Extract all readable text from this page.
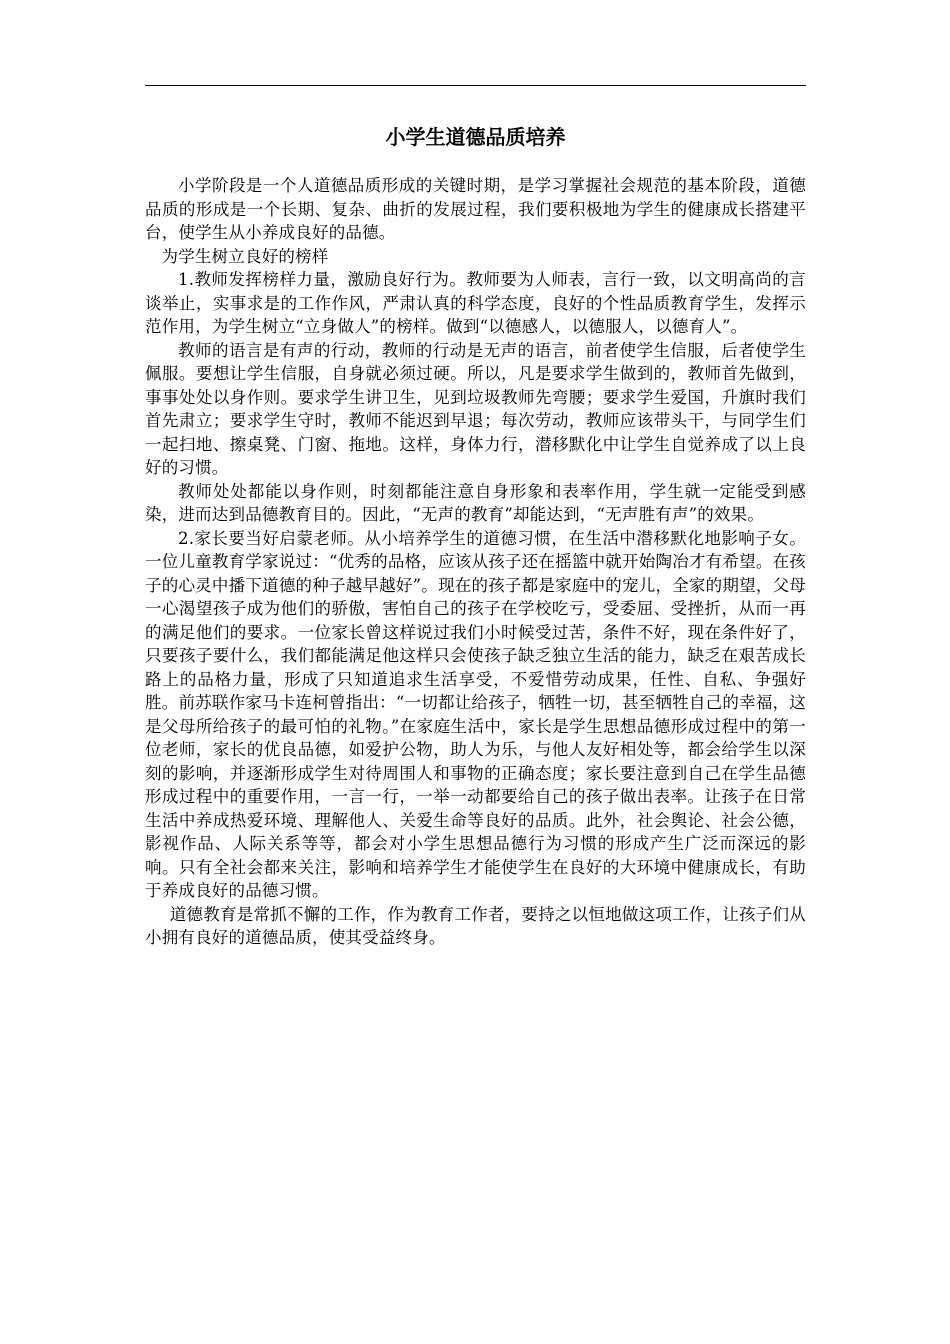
小学生道德品质培养

小学阶段是一个人道德品质形成的关键时期，是学习掌握社会规范的基本阶段，道德品质的形成是一个长期、复杂、曲折的发展过程，我们要积极地为学生的健康成长搭建平台，使学生从小养成良好的品德。

为学生树立良好的榜样

1.教师发挥榜样力量，激励良好行为。教师要为人师表，言行一致，以文明高尚的言谈举止，实事求是的工作作风，严肃认真的科学态度，良好的个性品质教育学生，发挥示范作用，为学生树立“立身做人”的榜样。做到“以德感人，以德服人，以德育人”。

教师的语言是有声的行动，教师的行动是无声的语言，前者使学生信服，后者使学生佩服。要想让学生信服，自身就必须过硬。所以，凡是要求学生做到的，教师首先做到，事事处处以身作则。要求学生讲卫生，见到垃圾教师先弯腰；要求学生爱国，升旗时我们首先肃立；要求学生守时，教师不能迟到早退；每次劳动，教师应该带头干，与同学生们一起扫地、擦桌凳、门窗、拖地。这样，身体力行，潜移默化中让学生自觉养成了以上良好的习惯。

教师处处都能以身作则，时刻都能注意自身形象和表率作用，学生就一定能受到感染，进而达到品德教育目的。因此，“无声的教育”却能达到，“无声胜有声”的效果。

2.家长要当好启蒙老师。从小培养学生的道德习惯，在生活中潜移默化地影响子女。一位儿童教育学家说过：“优秀的品格，应该从孩子还在摇篮中就开始陶冶才有希望。在孩子的心灵中播下道德的种子越早越好”。现在的孩子都是家庭中的宠儿，全家的期望，父母一心渴望孩子成为他们的骄傲，害怕自己的孩子在学校吃亏，受委屈、受挫折，从而一再的满足他们的要求。一位家长曾这样说过我们小时候受过苦，条件不好，现在条件好了，只要孩子要什么，我们都能满足他这样只会使孩子缺乏独立生活的能力，缺乏在艰苦成长路上的品格力量，形成了只知道追求生活享受，不爱惜劳动成果，任性、自私、争强好胜。前苏联作家马卡连柯曾指出：“一切都让给孩子，牺牲一切，甚至牺牲自己的幸福，这是父母所给孩子的最可怕的礼物。”在家庭生活中，家长是学生思想品德形成过程中的第一位老师，家长的优良品德，如爱护公物，助人为乐，与他人友好相处等，都会给学生以深刻的影响，并逐渐形成学生对待周围人和事物的正确态度；家长要注意到自己在学生品德形成过程中的重要作用，一言一行，一举一动都要给自己的孩子做出表率。让孩子在日常生活中养成热爱环境、理解他人、关爱生命等良好的品质。此外，社会舆论、社会公德，影视作品、人际关系等等，都会对小学生思想品德行为习惯的形成产生广泛而深远的影响。只有全社会都来关注，影响和培养学生才能使学生在良好的大环境中健康成长，有助于养成良好的品德习惯。

道德教育是常抓不懈的工作，作为教育工作者，要持之以恒地做这项工作，让孩子们从小拥有良好的道德品质，使其受益终身。
